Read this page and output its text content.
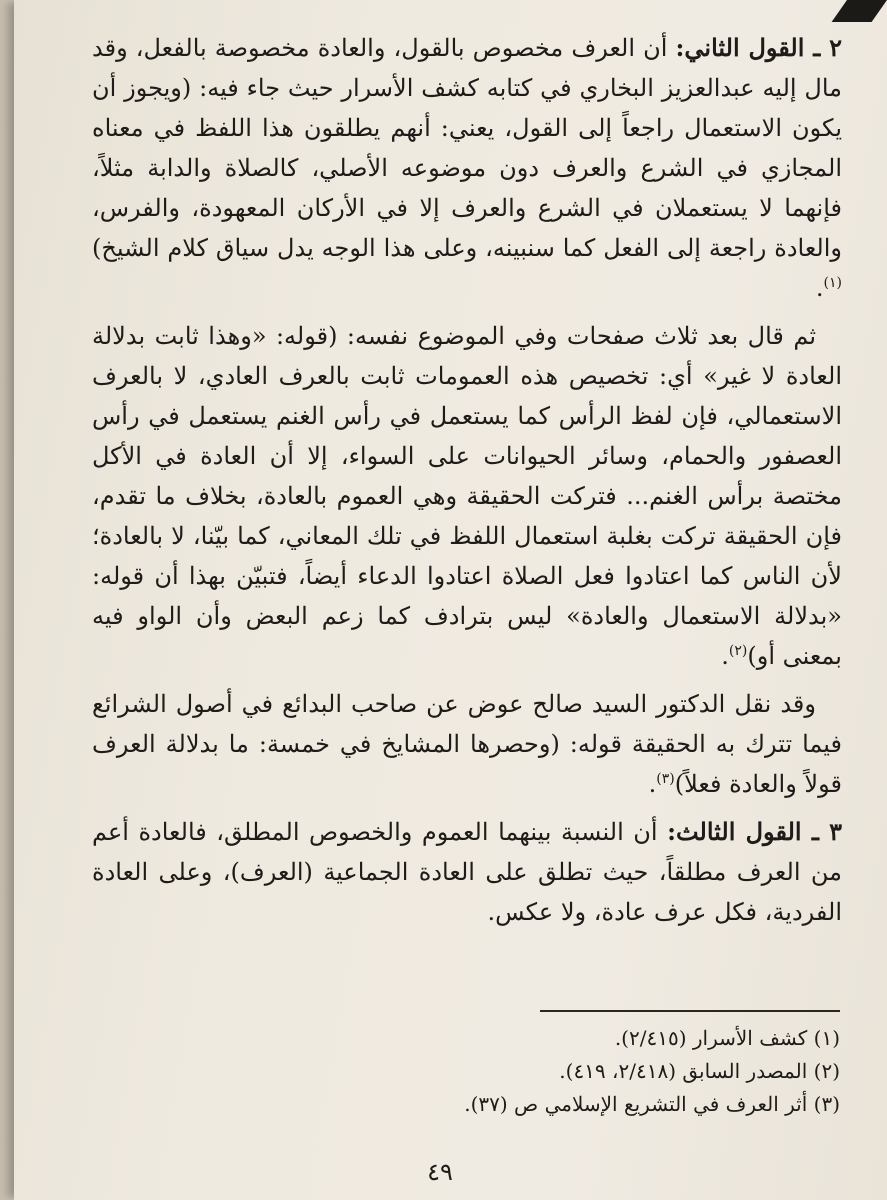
٢ ـ القول الثاني: أن العرف مخصوص بالقول، والعادة مخصوصة بالفعل، وقد مال إليه عبدالعزيز البخاري في كتابه كشف الأسرار حيث جاء فيه: (ويجوز أن يكون الاستعمال راجعاً إلى القول، يعني: أنهم يطلقون هذا اللفظ في معناه المجازي في الشرع والعرف دون موضوعه الأصلي، كالصلاة والدابة مثلاً، فإنهما لا يستعملان في الشرع والعرف إلا في الأركان المعهودة، والفرس، والعادة راجعة إلى الفعل كما سنبينه، وعلى هذا الوجه يدل سياق كلام الشيخ)$^{(١)}$.

ثم قال بعد ثلاث صفحات وفي الموضوع نفسه: (قوله: «وهذا ثابت بدلالة العادة لا غير» أي: تخصيص هذه العمومات ثابت بالعرف العادي، لا بالعرف الاستعمالي، فإن لفظ الرأس كما يستعمل في رأس الغنم يستعمل في رأس العصفور والحمام، وسائر الحيوانات على السواء، إلا أن العادة في الأكل مختصة برأس الغنم... فتركت الحقيقة وهي العموم بالعادة، بخلاف ما تقدم، فإن الحقيقة تركت بغلبة استعمال اللفظ في تلك المعاني، كما بيّنا، لا بالعادة؛ لأن الناس كما اعتادوا فعل الصلاة اعتادوا الدعاء أيضاً، فتبيّن بهذا أن قوله: «بدلالة الاستعمال والعادة» ليس بترادف كما زعم البعض وأن الواو فيه بمعنى أو)$^{(٢)}$.

وقد نقل الدكتور السيد صالح عوض عن صاحب البدائع في أصول الشرائع فيما تترك به الحقيقة قوله: (وحصرها المشايخ في خمسة: ما بدلالة العرف قولاً والعادة فعلاً)$^{(٣)}$.

٣ ـ القول الثالث: أن النسبة بينهما العموم والخصوص المطلق، فالعادة أعم من العرف مطلقاً، حيث تطلق على العادة الجماعية (العرف)، وعلى العادة الفردية، فكل عرف عادة، ولا عكس.

(١) كشف الأسرار (٢/٤١٥).

(٢) المصدر السابق (٢/٤١٨، ٤١٩).

(٣) أثر العرف في التشريع الإسلامي ص (٣٧).

٤٩
